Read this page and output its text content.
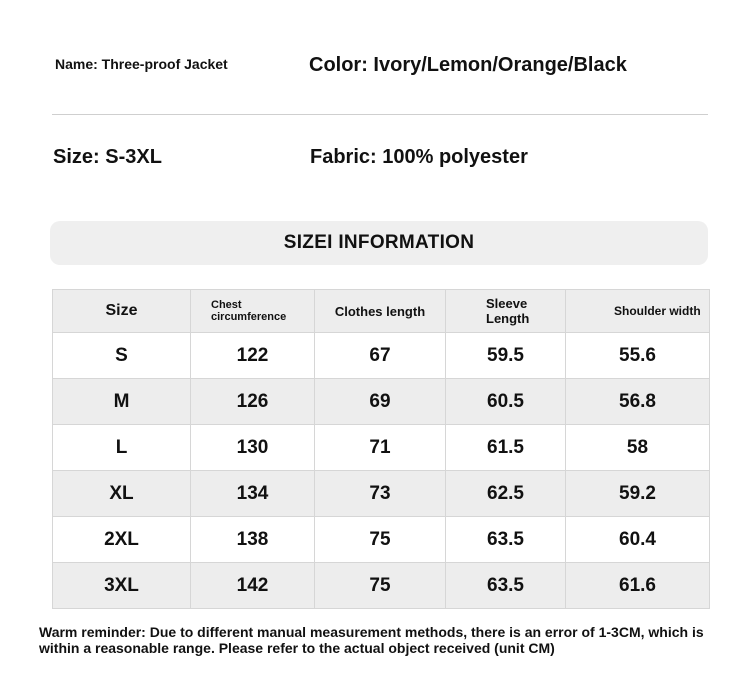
Name: Three-proof Jacket	Color: Ivory/Lemon/Orange/Black
Size: S-3XL	Fabric: 100% polyester
SIZEI INFORMATION
Size	Chest circumference	Clothes length	Sleeve Length	Shoulder width
S	122	67	59.5	55.6
M	126	69	60.5	56.8
L	130	71	61.5	58
XL	134	73	62.5	59.2
2XL	138	75	63.5	60.4
3XL	142	75	63.5	61.6
Warm reminder: Due to different manual measurement methods, there is an error of 1-3CM, which is within a reasonable range. Please refer to the actual object received (unit CM)
